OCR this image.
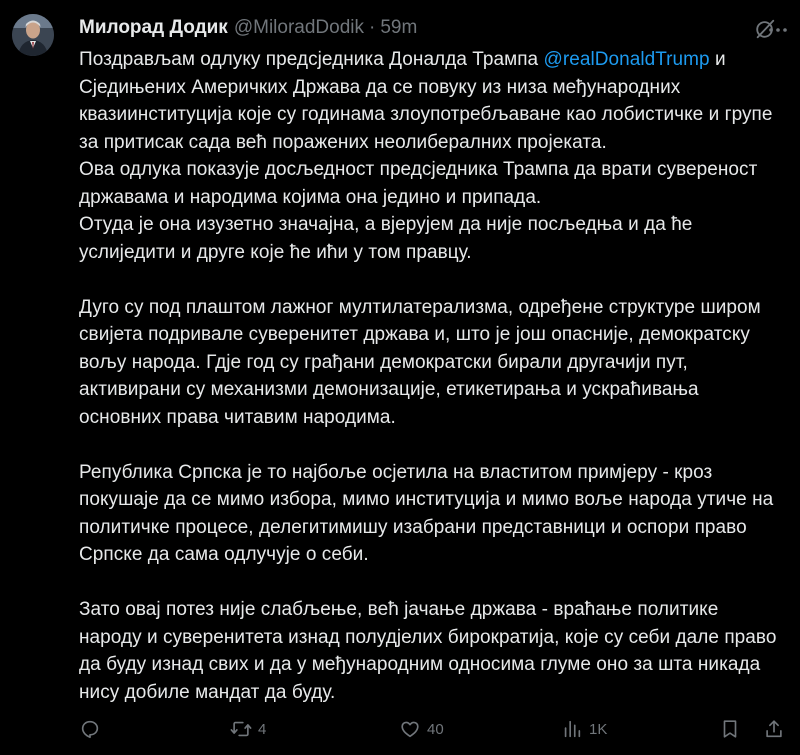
Милорад Додик @MiloradDodik · 59m

Поздрављам одлуку предсједника Доналда Трампа @realDonaldTrump и Сједињених Америчких Држава да се повуку из низа међународних квазиинституција које су годинама злоупотребљаване као лобистичке и групе за притисак сада већ поражених неолибералних пројеката.

Ова одлука показује досљедност предсједника Трампа да врати сувереност државама и народима којима она једино и припада.

Отуда је она изузетно значајна, а вјерујем да није посљедња и да ће услиједити и друге које ће ићи у том правцу.

Дуго су под плаштом лажног мултилатерализма, одређене структуре широм свијета подривале суверенитет држава и, што је још опасније, демократску вољу народа. Гдје год су грађани демократски бирали другачији пут, активирани су механизми демонизације, етикетирања и ускраћивања основних права читавим народима.

Република Српска је то најбоље осјетила на властитом примјеру - кроз покушаје да се мимо избора, мимо институција и мимо воље народа утиче на политичке процесе, делегитимишу изабрани представници и оспори право Српске да сама одлучује о себи.

Зато овај потез није слабљење, већ јачање држава - враћање политике народу и суверенитета изнад полудјелих бирократија, које су себи дале право да буду изнад свих и да у међународним односима глуме оно за шта никада нису добиле мандат да буду.

4	40	1K
